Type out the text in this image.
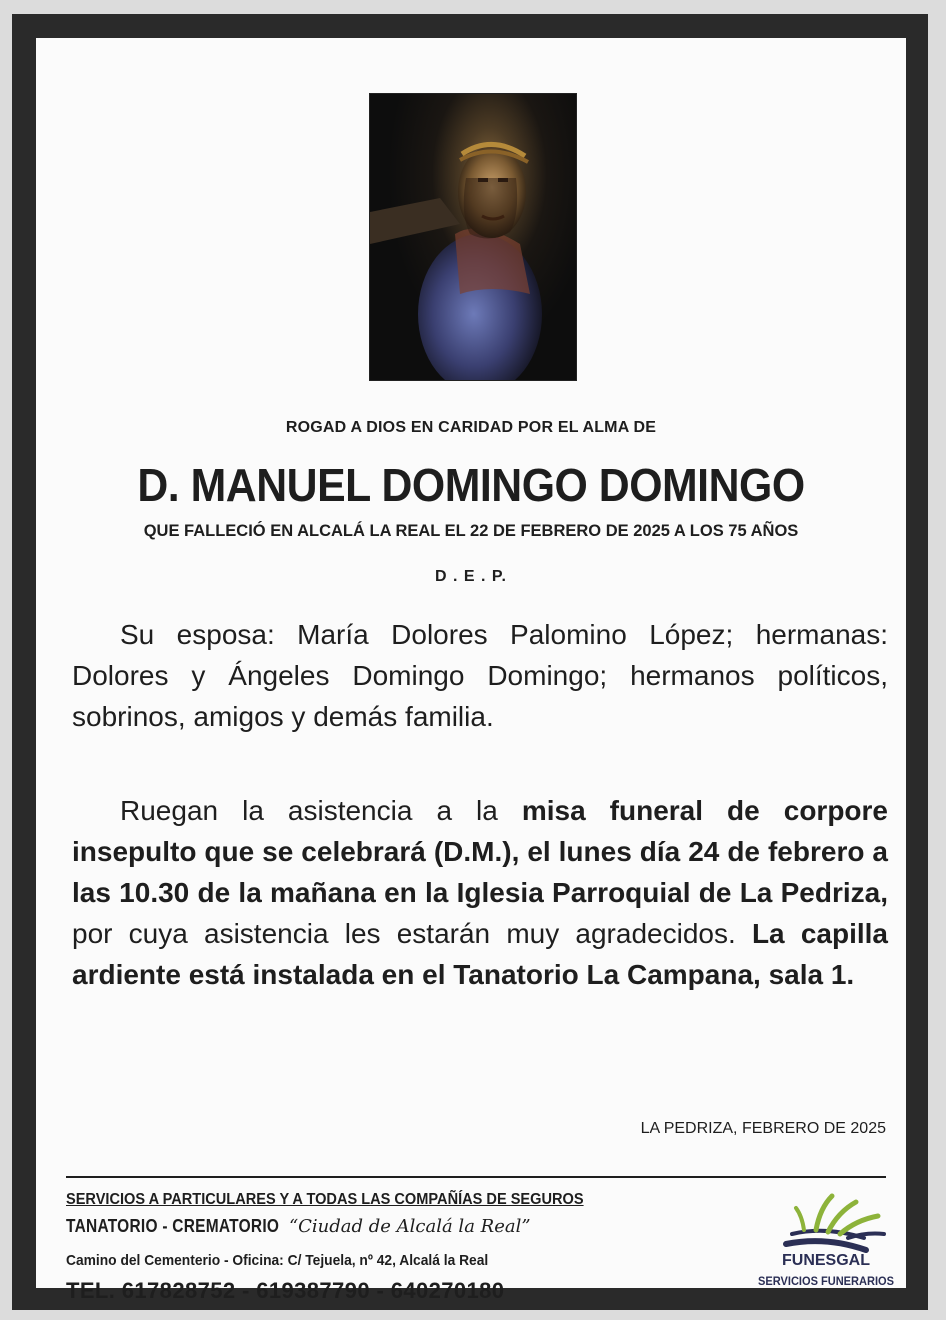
ROGAD A DIOS EN CARIDAD POR EL ALMA DE
D. MANUEL DOMINGO DOMINGO
QUE FALLECIÓ EN ALCALÁ LA REAL EL 22 DE FEBRERO DE 2025 A LOS 75 AÑOS
D . E . P.
Su esposa: María Dolores Palomino López; hermanas: Dolores y Ángeles Domingo Domingo; hermanos políticos, sobrinos, amigos y demás familia.
Ruegan la asistencia a la misa funeral de corpore insepulto que se celebrará (D.M.), el lunes día 24 de febrero a las 10.30 de la mañana en la Iglesia Parroquial de La Pedriza, por cuya asistencia les estarán muy agradecidos. La capilla ardiente está instalada en el Tanatorio La Campana, sala 1.
LA PEDRIZA, FEBRERO DE 2025
SERVICIOS A PARTICULARES Y A TODAS LAS COMPAÑÍAS DE SEGUROS
TANATORIO - CREMATORIO “Ciudad de Alcalá la Real”
Camino del Cementerio - Oficina: C/ Tejuela, nº 42, Alcalá la Real
TEL. 617828752 - 619387790 - 640270180
FUNESGAL
SERVICIOS FUNERARIOS
